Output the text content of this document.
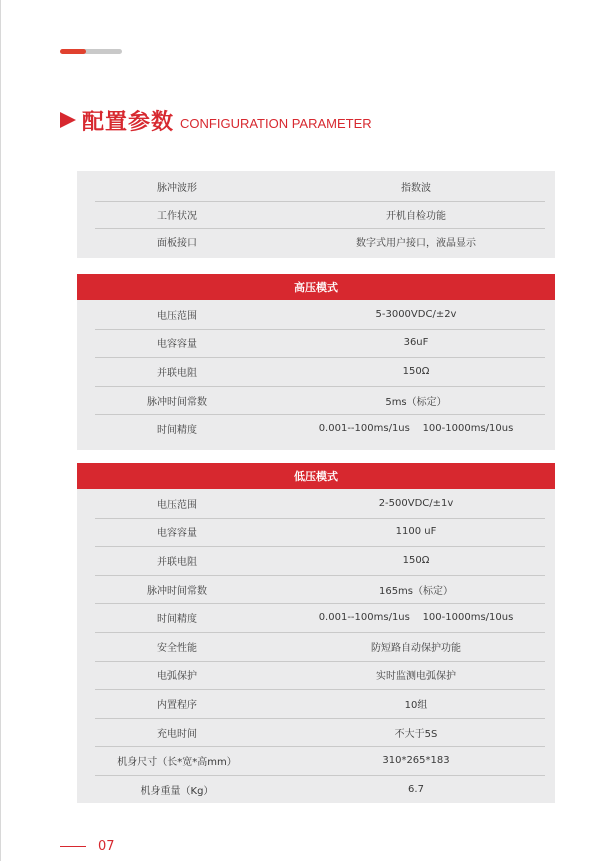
配置参数 CONFIGURATION PARAMETER
脉冲波形	指数波
工作状况	开机自检功能
面板接口	数字式用户接口，液晶显示
高压模式
电压范围	5-3000VDC/±2v
电容容量	36uF
并联电阻	150Ω
脉冲时间常数	5ms（标定）
时间精度	0.001--100ms/1us    100-1000ms/10us
低压模式
电压范围	2-500VDC/±1v
电容容量	1100 uF
并联电阻	150Ω
脉冲时间常数	165ms（标定）
时间精度	0.001--100ms/1us    100-1000ms/10us
安全性能	防短路自动保护功能
电弧保护	实时监测电弧保护
内置程序	10组
充电时间	不大于5S
机身尺寸（长*宽*高mm）	310*265*183
机身重量（Kg）	6.7
07
